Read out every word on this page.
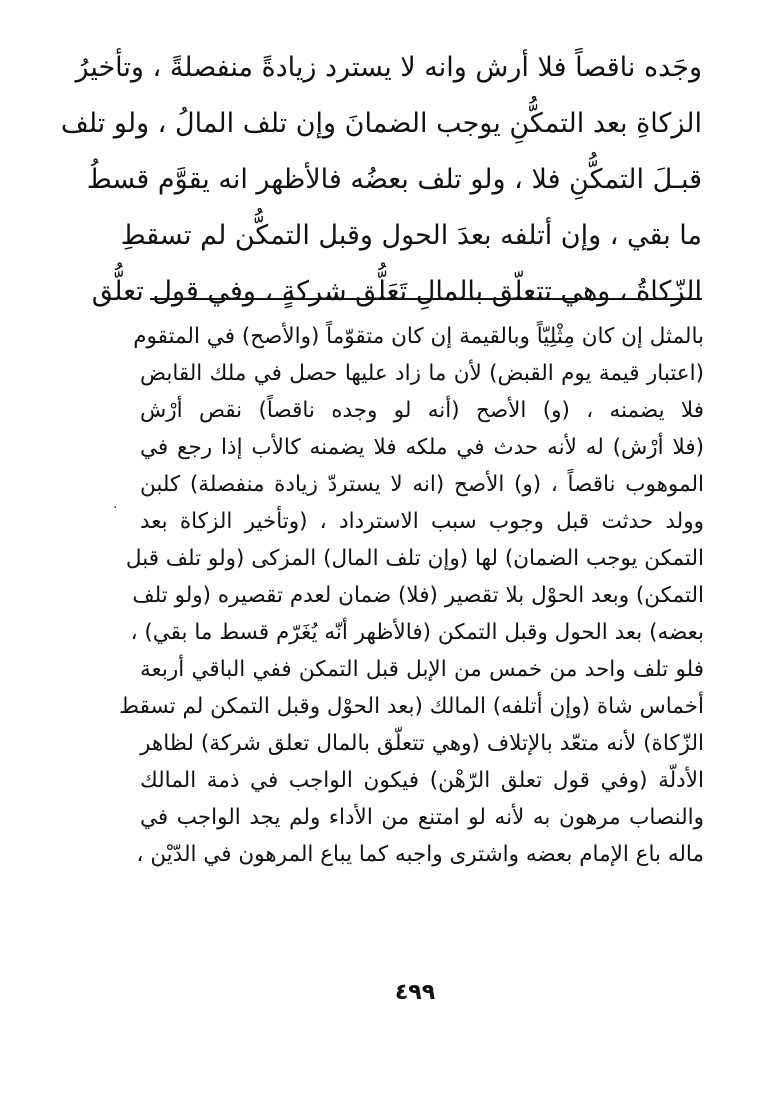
وجَده ناقصاً فلا أرش وانه لا يسترد زيادةً منفصلةً ، وتأخيرُ
الزكاةِ بعد التمكُّنِ يوجب الضمانَ وإن تلف المالُ ، ولو تلف
قبـلَ التمكُّنِ فلا ، ولو تلف بعضُه فالأظهر انه يقوَّم قسطُ
ما بقي ، وإن أتلفه بعدَ الحول وقبل التمكُّن لم تسقطِ
الزّكاةُ ، وهي تتعلّق بالمالِ تَعَلُّق شركةٍ ، وفي قول تعلُّق
بالمثل إن كان مِثْلِيّاً وبالقيمة إن كان متقوّماً (والأصح) في المتقوم
(اعتبار قيمة يوم القبض) لأن ما زاد عليها حصل في ملك القابض
فلا يضمنه ، (و) الأصح (أنه لو وجده ناقصاً) نقص أرْش
(فلا أرْش) له لأنه حدث في ملكه فلا يضمنه كالأب إذا رجع في
الموهوب ناقصاً ، (و) الأصح (انه لا يستردّ زيادة منفصلة) كلبن
وولد حدثت قبل وجوب سبب الاسترداد ، (وتأخير الزكاة بعد
التمكن يوجب الضمان) لها (وإن تلف المال) المزكى (ولو تلف قبل
التمكن) وبعد الحوْل بلا تقصير (فلا) ضمان لعدم تقصيره (ولو تلف
بعضه) بعد الحول وقبل التمكن (فالأظهر أنّه يُغَرّم قسط ما بقي) ،
فلو تلف واحد من خمس من الإبل قبل التمكن ففي الباقي أربعة
أخماس شاة (وإن أتلفه) المالك (بعد الحوْل وقبل التمكن لم تسقط
الزّكاة) لأنه متعّد بالإتلاف (وهي تتعلّق بالمال تعلق شركة) لظاهر
الأدلّة (وفي قول تعلق الرّهْن) فيكون الواجب في ذمة المالك
والنصاب مرهون به لأنه لو امتنع من الأداء ولم يجد الواجب في
ماله باع الإمام بعضه واشترى واجبه كما يباع المرهون في الدّيْن ،
·
٤٩٩
